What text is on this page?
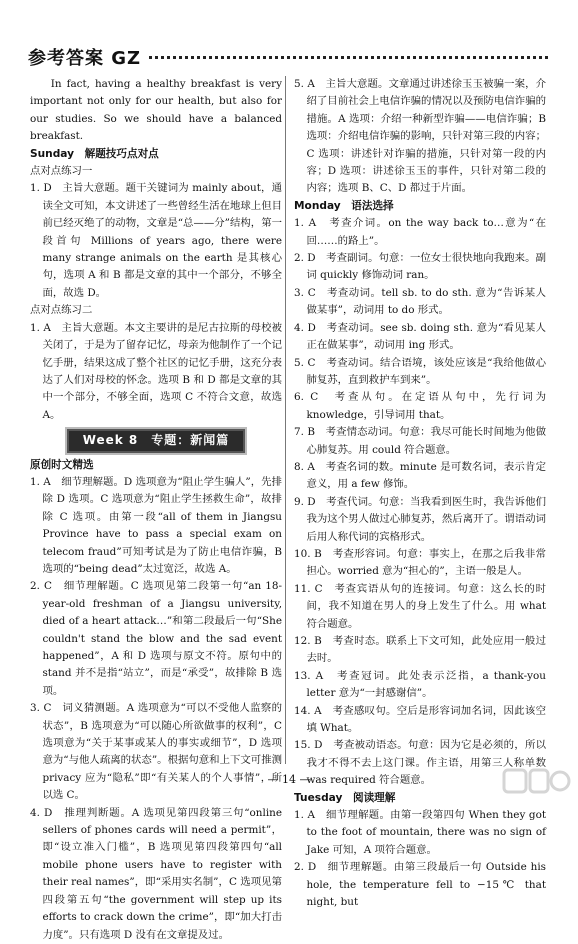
参考答案 GZ

In fact, having a healthy breakfast is very important not only for our health, but also for our studies. So we should have a balanced breakfast.

Sunday　解题技巧点对点

点对点练习一

1. D　主旨大意题。题干关键词为 mainly about，通读全文可知，本文讲述了一些曾经生活在地球上但目前已经灭绝了的动物，文章是“总——分”结构，第一段首句 Millions of years ago, there were many strange animals on the earth 是其核心句，选项 A 和 B 都是文章的其中一个部分，不够全面，故选 D。

点对点练习二

1. A　主旨大意题。本文主要讲的是尼古拉斯的母校被关闭了，于是为了留存记忆，母亲为他制作了一个记忆手册，结果这成了整个社区的记忆手册，这充分表达了人们对母校的怀念。选项 B 和 D 都是文章的其中一个部分，不够全面，选项 C 不符合文意，故选 A。

Week 8　专题：新闻篇

原创时文精选

1. A　细节理解题。D 选项意为“阻止学生骗人”，先排除 D 选项。C 选项意为“阻止学生拯救生命”，故排除 C 选项。由第一段“all of them in Jiangsu Province have to pass a special exam on telecom fraud”可知考试是为了防止电信诈骗，B 选项的“being dead”太过宽泛，故选 A。

2. C　细节理解题。C 选项见第二段第一句“an 18-year-old freshman of a Jiangsu university, died of a heart attack…”和第二段最后一句“She couldn't stand the blow and the sad event happened”，A 和 D 选项与原文不符。原句中的 stand 并不是指“站立”，而是“承受”，故排除 B 选项。

3. C　词义猜测题。A 选项意为“可以不受他人监察的状态”，B 选项意为“可以随心所欲做事的权利”，C 选项意为“关于某事或某人的事实或细节”，D 选项意为“与他人疏离的状态”。根据句意和上下文可推测 privacy 应为“隐私”即“有关某人的个人事情”，所以选 C。

4. D　推理判断题。A 选项见第四段第三句“online sellers of phones cards will need a permit”，即“设立准入门槛”，B 选项见第四段第四句“all mobile phone users have to register with their real names”，即“采用实名制”，C 选项见第四段第五句“the government will step up its efforts to crack down the crime”，即“加大打击力度”。只有选项 D 没有在文章提及过。

5. A　主旨大意题。文章通过讲述徐玉玉被骗一案，介绍了目前社会上电信诈骗的情况以及预防电信诈骗的措施。A 选项：介绍一种新型诈骗——电信诈骗；B 选项：介绍电信诈骗的影响，只针对第三段的内容；C 选项：讲述针对诈骗的措施，只针对第一段的内容；D 选项：讲述徐玉玉的事件，只针对第二段的内容；选项 B、C、D 都过于片面。

Monday　语法选择

1. A　考查介词。on the way back to…意为“在回……的路上”。

2. D　考查副词。句意：一位女士很快地向我跑来。副词 quickly 修饰动词 ran。

3. C　考查动词。tell sb. to do sth. 意为“告诉某人做某事”，动词用 to do 形式。

4. D　考查动词。see sb. doing sth. 意为“看见某人正在做某事”，动词用 ing 形式。

5. C　考查动词。结合语境，该处应该是“我给他做心肺复苏，直到救护车到来”。

6. C　考查从句。在定语从句中，先行词为 knowledge，引导词用 that。

7. B　考查情态动词。句意：我尽可能长时间地为他做心肺复苏。用 could 符合题意。

8. A　考查名词的数。minute 是可数名词，表示肯定意义，用 a few 修饰。

9. D　考查代词。句意：当我看到医生时，我告诉他们我为这个男人做过心肺复苏，然后离开了。谓语动词后用人称代词的宾格形式。

10. B　考查形容词。句意：事实上，在那之后我非常担心。worried 意为“担心的”，主语一般是人。

11. C　考查宾语从句的连接词。句意：这么长的时间，我不知道在男人的身上发生了什么。用 what 符合题意。

12. B　考查时态。联系上下文可知，此处应用一般过去时。

13. A　考查冠词。此处表示泛指，a thank-you letter 意为“一封感谢信”。

14. A　考查感叹句。空后是形容词加名词，因此该空填 What。

15. D　考查被动语态。句意：因为它是必须的，所以我才不得不去上这门课。作主语，用第三人称单数 was required 符合题意。

Tuesday　阅读理解

1. A　细节理解题。由第一段第四句 When they got to the foot of mountain, there was no sign of Jake 可知，A 项符合题意。

2. D　细节理解题。由第三段最后一句 Outside his hole, the temperature fell to −15℃ that night, but

— 14 —
